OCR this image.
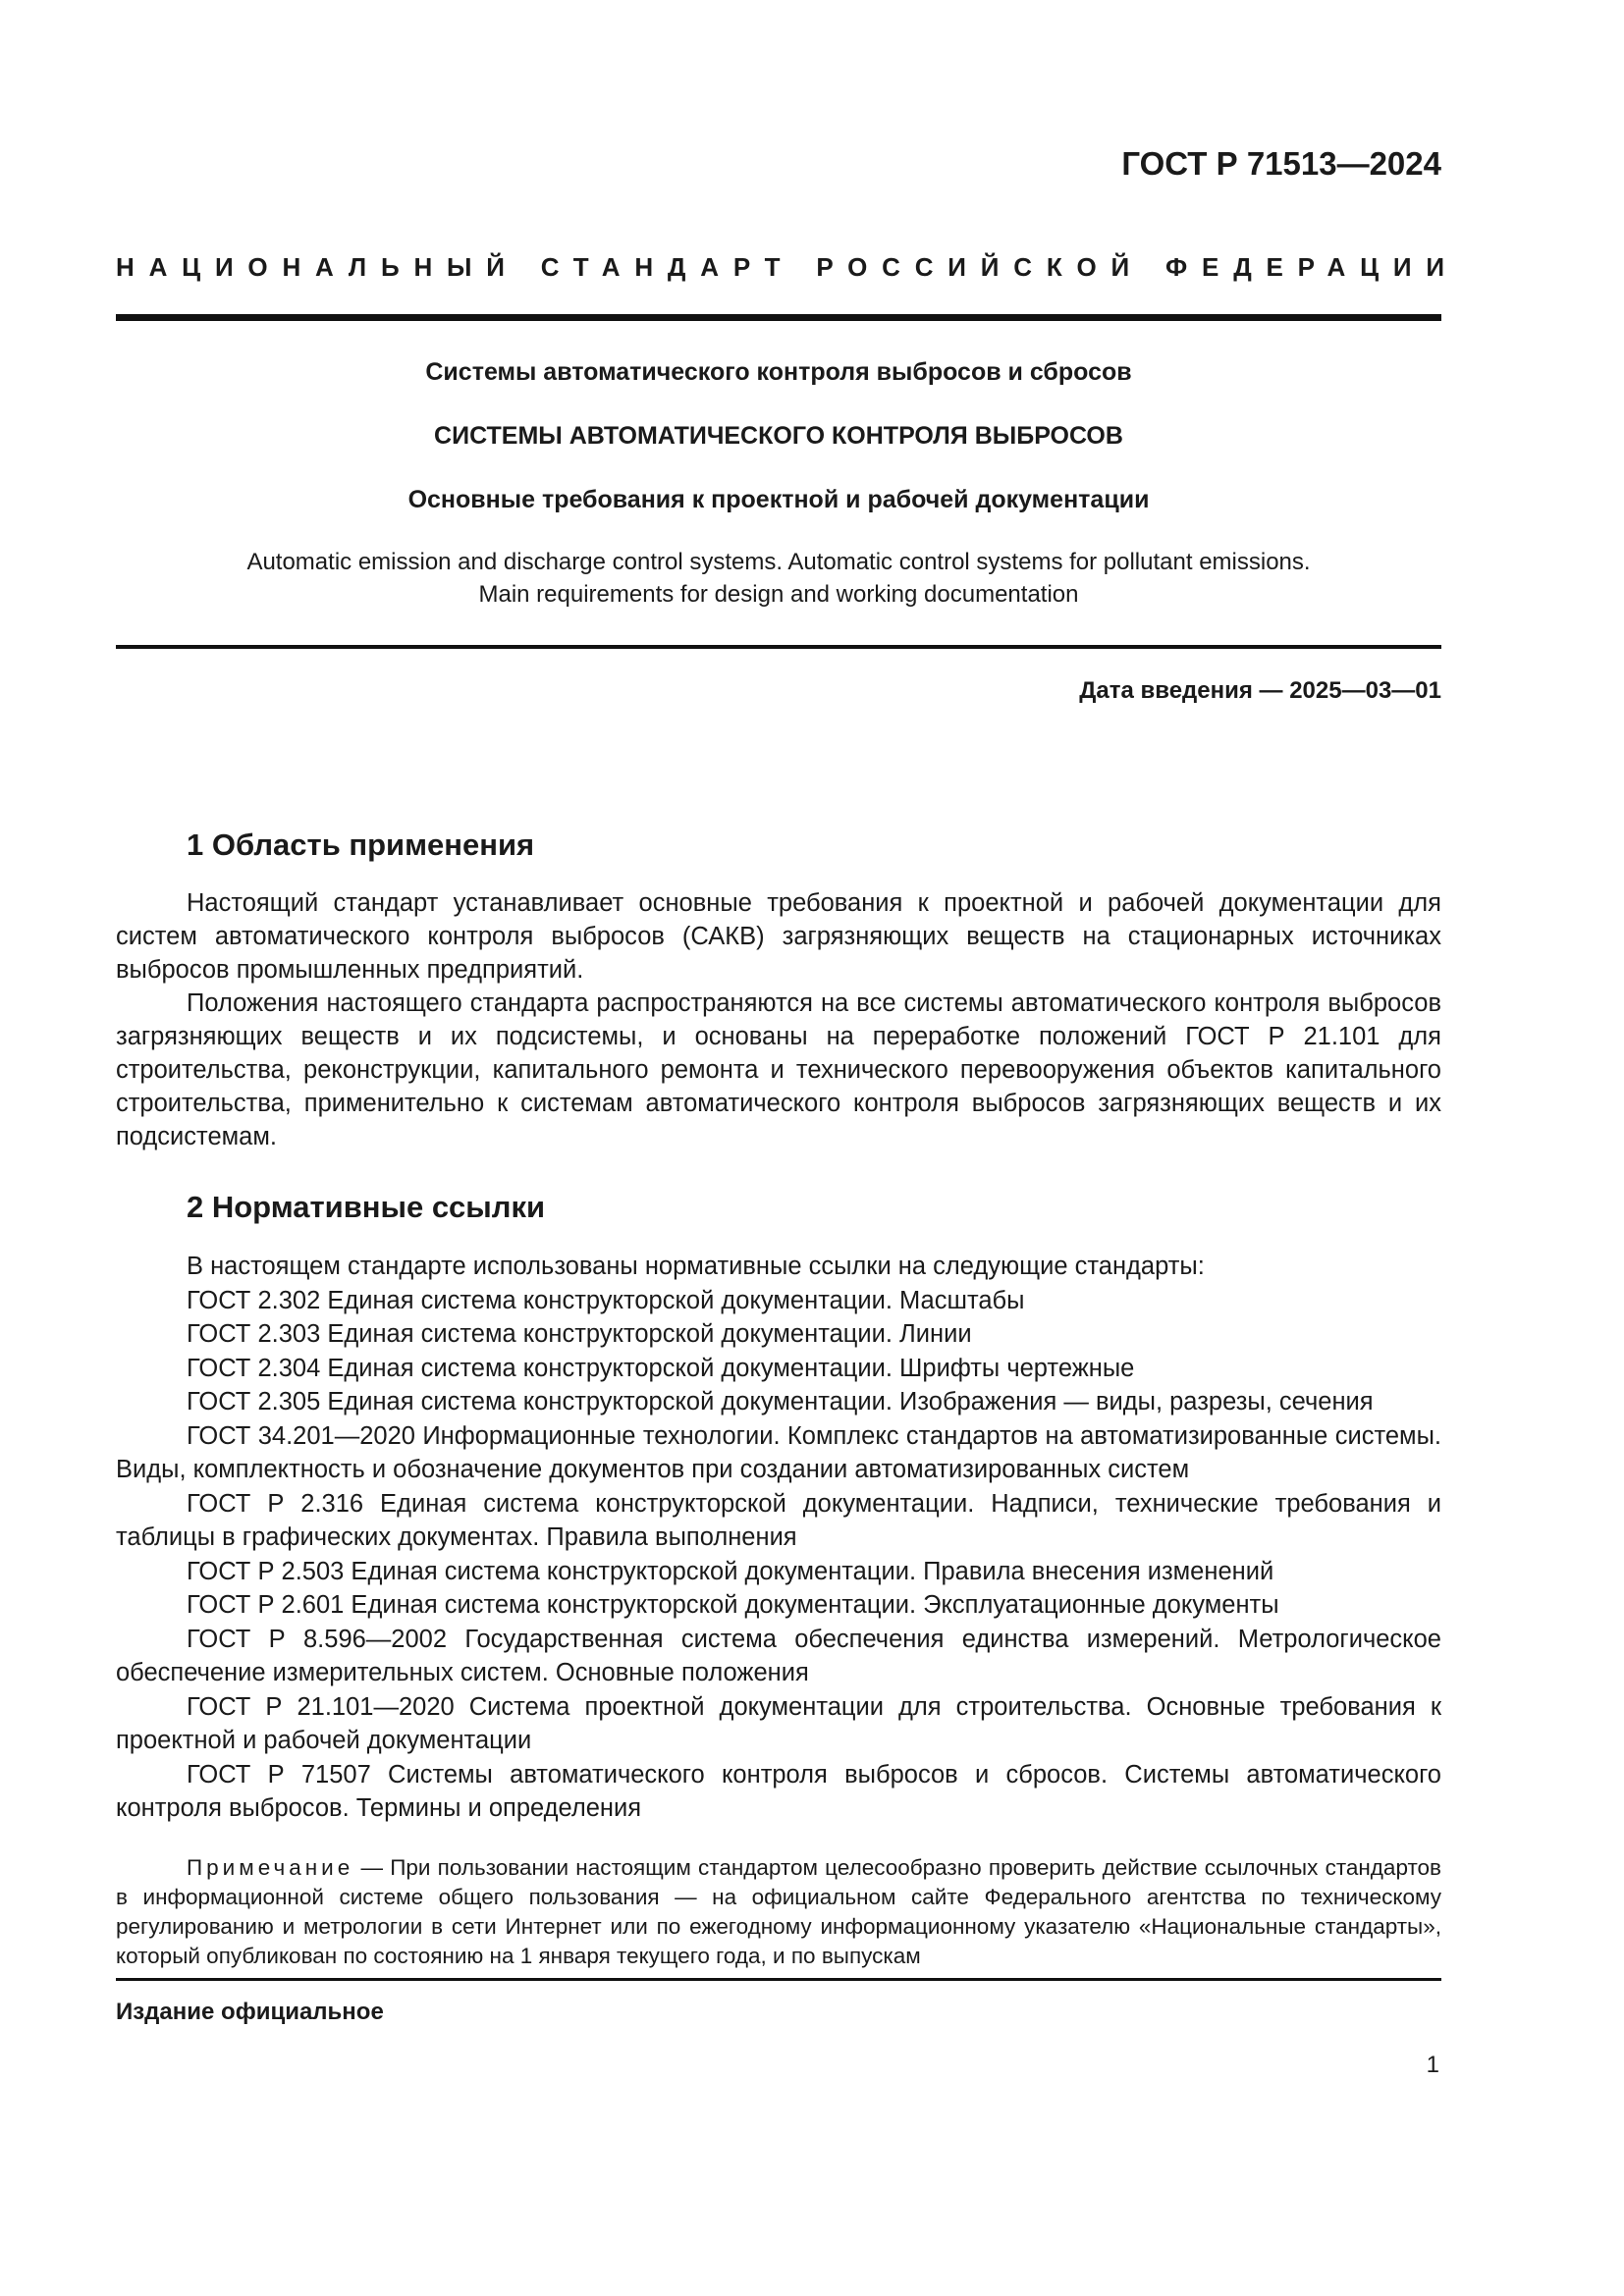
ГОСТ Р 71513—2024
НАЦИОНАЛЬНЫЙ СТАНДАРТ РОССИЙСКОЙ ФЕДЕРАЦИИ
Системы автоматического контроля выбросов и сбросов
СИСТЕМЫ АВТОМАТИЧЕСКОГО КОНТРОЛЯ ВЫБРОСОВ
Основные требования к проектной и рабочей документации
Automatic emission and discharge control systems. Automatic control systems for pollutant emissions.
Main requirements for design and working documentation
Дата введения — 2025—03—01
1 Область применения
Настоящий стандарт устанавливает основные требования к проектной и рабочей документации для систем автоматического контроля выбросов (САКВ) загрязняющих веществ на стационарных источниках выбросов промышленных предприятий.
Положения настоящего стандарта распространяются на все системы автоматического контроля выбросов загрязняющих веществ и их подсистемы, и основаны на переработке положений ГОСТ Р 21.101 для строительства, реконструкции, капитального ремонта и технического перевооружения объектов капитального строительства, применительно к системам автоматического контроля выбросов загрязняющих веществ и их подсистемам.
2 Нормативные ссылки
В настоящем стандарте использованы нормативные ссылки на следующие стандарты:
ГОСТ 2.302 Единая система конструкторской документации. Масштабы
ГОСТ 2.303 Единая система конструкторской документации. Линии
ГОСТ 2.304 Единая система конструкторской документации. Шрифты чертежные
ГОСТ 2.305 Единая система конструкторской документации. Изображения — виды, разрезы, сечения
ГОСТ 34.201—2020 Информационные технологии. Комплекс стандартов на автоматизированные системы. Виды, комплектность и обозначение документов при создании автоматизированных систем
ГОСТ Р 2.316 Единая система конструкторской документации. Надписи, технические требования и таблицы в графических документах. Правила выполнения
ГОСТ Р 2.503 Единая система конструкторской документации. Правила внесения изменений
ГОСТ Р 2.601 Единая система конструкторской документации. Эксплуатационные документы
ГОСТ Р 8.596—2002 Государственная система обеспечения единства измерений. Метрологическое обеспечение измерительных систем. Основные положения
ГОСТ Р 21.101—2020 Система проектной документации для строительства. Основные требования к проектной и рабочей документации
ГОСТ Р 71507 Системы автоматического контроля выбросов и сбросов. Системы автоматического контроля выбросов. Термины и определения
Примечание — При пользовании настоящим стандартом целесообразно проверить действие ссылочных стандартов в информационной системе общего пользования — на официальном сайте Федерального агентства по техническому регулированию и метрологии в сети Интернет или по ежегодному информационному указателю «Национальные стандарты», который опубликован по состоянию на 1 января текущего года, и по выпускам
Издание официальное
1
